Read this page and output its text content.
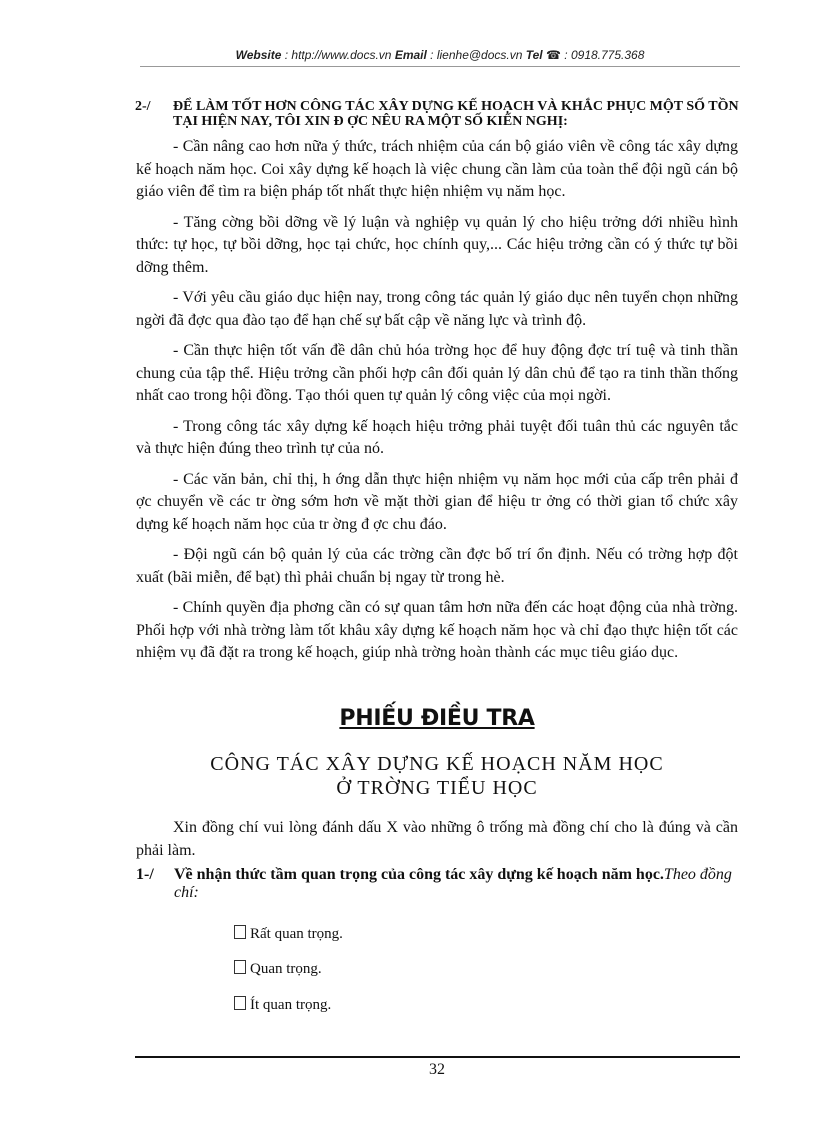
Website : http://www.docs.vn Email : lienhe@docs.vn Tel ☎ : 0918.775.368
2-/ ĐỂ LÀM TỐT HƠN CÔNG TÁC XÂY DỰNG KẾ HOẠCH VÀ KHẮC PHỤC MỘT SỐ TỒN TẠI HIỆN NAY, TÔI XIN Đ ỢC NÊU RA MỘT SỐ KIẾN NGHỊ:

- Cần nâng cao hơn nữa ý thức, trách nhiệm của cán bộ giáo viên về công tác xây dựng kế hoạch năm học. Coi xây dựng kế hoạch là việc chung cần làm của toàn thể đội ngũ cán bộ giáo viên để tìm ra biện pháp tốt nhất thực hiện nhiệm vụ năm học.

- Tăng cờng bồi dỡng về lý luận và nghiệp vụ quản lý cho hiệu trởng dới nhiều hình thức: tự học, tự bồi dỡng, học tại chức, học chính quy,... Các hiệu trởng cần có ý thức tự bồi dỡng thêm.

- Với yêu cầu giáo dục hiện nay, trong công tác quản lý giáo dục nên tuyển chọn những ngời đã đợc qua đào tạo để hạn chế sự bất cập về năng lực và trình độ.

- Cần thực hiện tốt vấn đề dân chủ hóa trờng học để huy động đợc trí tuệ và tinh thần chung của tập thể. Hiệu trởng cần phối hợp cân đối quản lý dân chủ để tạo ra tinh thần thống nhất cao trong hội đồng. Tạo thói quen tự quản lý công việc của mọi ngời.

- Trong công tác xây dựng kế hoạch hiệu trởng phải tuyệt đối tuân thủ các nguyên tắc và thực hiện đúng theo trình tự của nó.

- Các văn bản, chỉ thị, h ớng dẫn thực hiện nhiệm vụ năm học mới của cấp trên phải đ ợc chuyển về các tr ờng sớm hơn về mặt thời gian để hiệu tr ởng có thời gian tổ chức xây dựng kế hoạch năm học của tr ờng đ ợc chu đáo.

- Đội ngũ cán bộ quản lý của các trờng cần đợc bố trí ổn định. Nếu có trờng hợp đột xuất (bãi miễn, để bạt) thì phải chuẩn bị ngay từ trong hè.

- Chính quyền địa phơng cần có sự quan tâm hơn nữa đến các hoạt động của nhà trờng. Phối hợp với nhà trờng làm tốt khâu xây dựng kế hoạch năm học và chỉ đạo thực hiện tốt các nhiệm vụ đã đặt ra trong kế hoạch, giúp nhà trờng hoàn thành các mục tiêu giáo dục.

PHIẾU ĐIỀU TRA
CÔNG TÁC XÂY DỰNG KẾ HOẠCH NĂM HỌC
Ở TRỜNG TIỂU HỌC
Xin đồng chí vui lòng đánh dấu X vào những ô trống mà đồng chí cho là đúng và cần phải làm.
1-/ Về nhận thức tầm quan trọng của công tác xây dựng kế hoạch năm học.Theo đồng chí:
Rất quan trọng.
Quan trọng.
Ít quan trọng.
32
